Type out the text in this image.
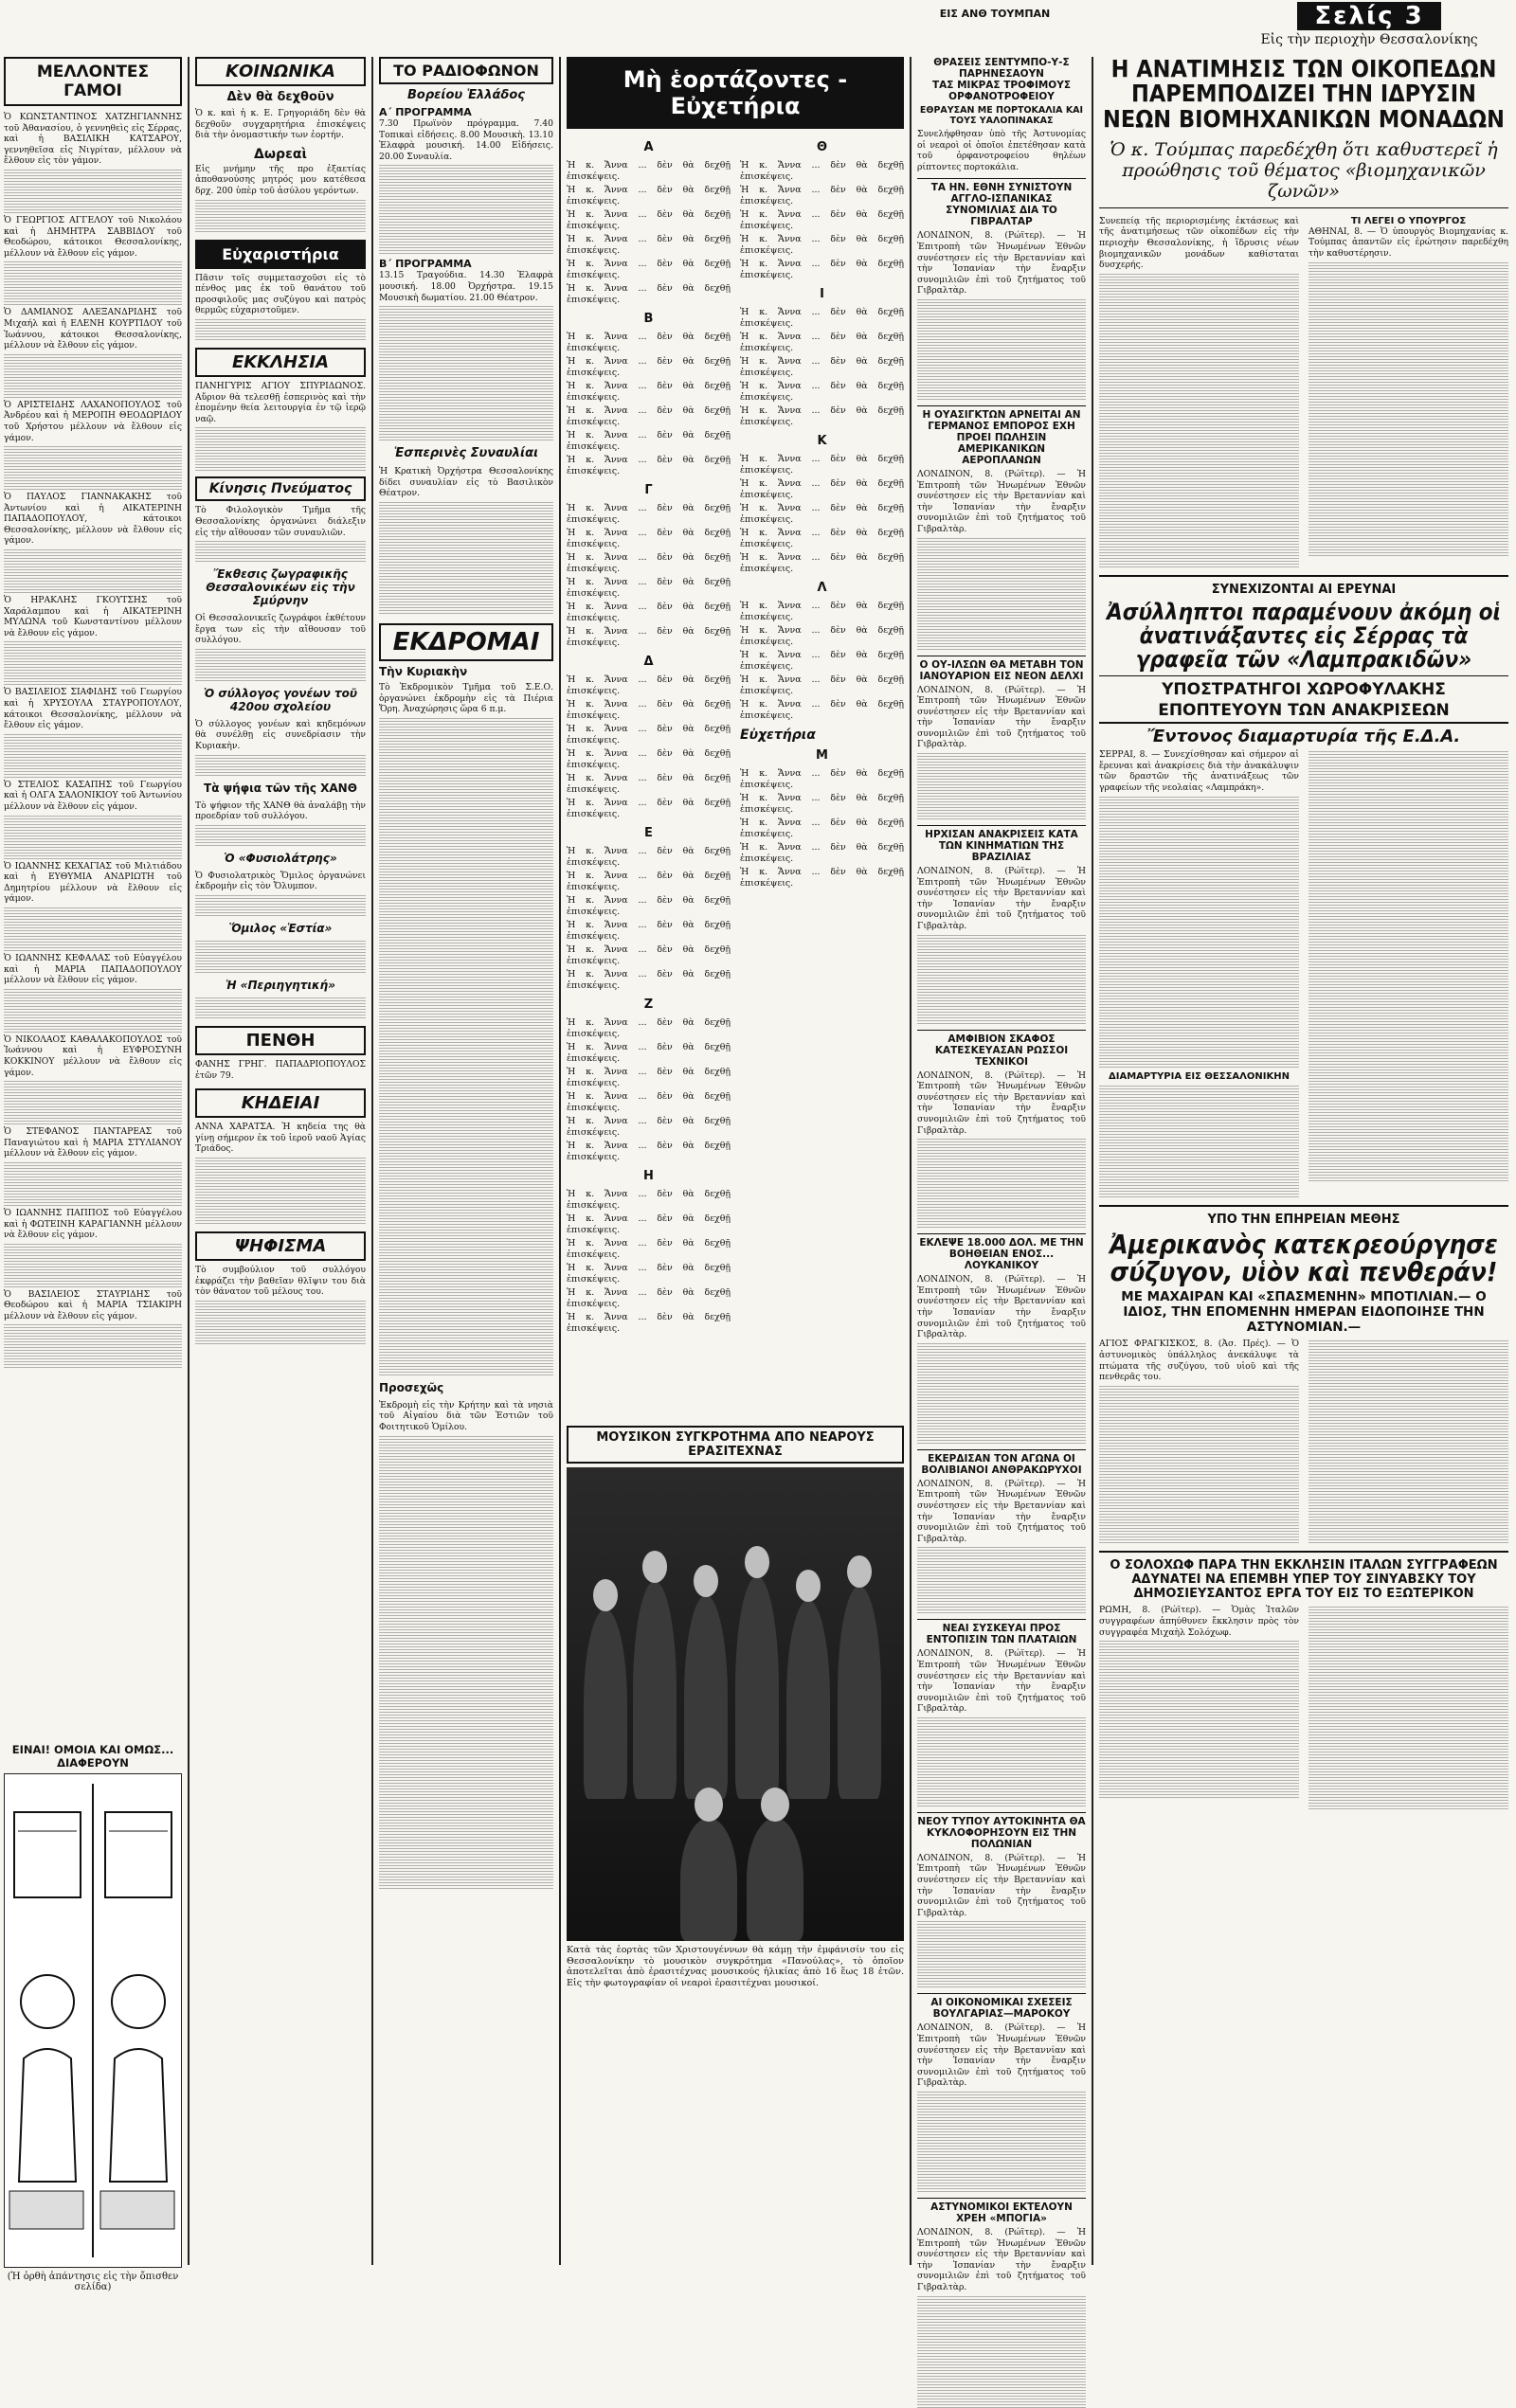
ΕΙΣ ΑΝΘ ΤΟΥΜΠΑΝ	Σελίς 3
Εἰς τὴν περιοχὴν Θεσσαλονίκης
ΜΕΛΛΟΝΤΕΣ ΓΑΜΟΙ

Ὁ ΚΩΝΣΤΑΝΤΙΝΟΣ ΧΑΤΖΗΓΙΑΝΝΗΣ τοῦ Ἀθανασίου, ὁ γεννηθεὶς εἰς Σέρρας, καὶ ἡ ΒΑΣΙΛΙΚΗ ΚΑΤΣΑΡΟΥ, γεννηθεῖσα εἰς Νιγρίταν, μέλλουν νὰ ἔλθουν εἰς τὸν γάμον.

Ὁ ΓΕΩΡΓΙΟΣ ΑΓΓΕΛΟΥ τοῦ Νικολάου καὶ ἡ ΔΗΜΗΤΡΑ ΣΑΒΒΙΔΟΥ τοῦ Θεοδώρου, κάτοικοι Θεσσαλονίκης, μέλλουν νὰ ἔλθουν εἰς γάμον.

Ὁ ΔΑΜΙΑΝΟΣ ΑΛΕΞΑΝΔΡΙΔΗΣ τοῦ Μιχαήλ καὶ ἡ ΕΛΕΝΗ ΚΟΥΡΤΙΔΟΥ τοῦ Ἰωάννου, κάτοικοι Θεσσαλονίκης, μέλλουν νὰ ἔλθουν εἰς γάμον.

Ὁ ΑΡΙΣΤΕΙΔΗΣ ΛΑΧΑΝΟΠΟΥΛΟΣ τοῦ Ἀνδρέου καὶ ἡ ΜΕΡΟΠΗ ΘΕΟΔΩΡΙΔΟΥ τοῦ Χρήστου μέλλουν νὰ ἔλθουν εἰς γάμον.

Ὁ ΠΑΥΛΟΣ ΓΙΑΝΝΑΚΑΚΗΣ τοῦ Ἀντωνίου καὶ ἡ ΑΙΚΑΤΕΡΙΝΗ ΠΑΠΑΔΟΠΟΥΛΟΥ, κάτοικοι Θεσσαλονίκης, μέλλουν νὰ ἔλθουν εἰς γάμον.

Ὁ ΗΡΑΚΛΗΣ ΓΚΟΥΤΣΗΣ τοῦ Χαράλαμπου καὶ ἡ ΑΙΚΑΤΕΡΙΝΗ ΜΥΛΩΝΑ τοῦ Κωνσταντίνου μέλλουν νὰ ἔλθουν εἰς γάμον.

Ὁ ΒΑΣΙΛΕΙΟΣ ΣΙΑΦΙΔΗΣ τοῦ Γεωργίου καὶ ἡ ΧΡΥΣΟΥΛΑ ΣΤΑΥΡΟΠΟΥΛΟΥ, κάτοικοι Θεσσαλονίκης, μέλλουν νὰ ἔλθουν εἰς γάμον.

Ὁ ΣΤΕΛΙΟΣ ΚΑΣΑΠΗΣ τοῦ Γεωργίου καὶ ἡ ΟΛΓΑ ΣΑΛΟΝΙΚΙΟΥ τοῦ Ἀντωνίου μέλλουν νὰ ἔλθουν εἰς γάμον.

Ὁ ΙΩΑΝΝΗΣ ΚΕΧΑΓΙΑΣ τοῦ Μιλτιάδου καὶ ἡ ΕΥΘΥΜΙΑ ΑΝΔΡΙΩΤΗ τοῦ Δημητρίου μέλλουν νὰ ἔλθουν εἰς γάμον.

Ὁ ΙΩΑΝΝΗΣ ΚΕΦΑΛΑΣ τοῦ Εὐαγγέλου καὶ ἡ ΜΑΡΙΑ ΠΑΠΑΔΟΠΟΥΛΟΥ μέλλουν νὰ ἔλθουν εἰς γάμον.

Ὁ ΝΙΚΟΛΑΟΣ ΚΑΘΑΛΑΚΟΠΟΥΛΟΣ τοῦ Ἰωάννου καὶ ἡ ΕΥΦΡΟΣΥΝΗ ΚΟΚΚΙΝΟΥ μέλλουν νὰ ἔλθουν εἰς γάμον.

Ὁ ΣΤΕΦΑΝΟΣ ΠΑΝΤΑΡΕΑΣ τοῦ Παναγιώτου καὶ ἡ ΜΑΡΙΑ ΣΤΥΛΙΑΝΟΥ μέλλουν νὰ ἔλθουν εἰς γάμον.

Ὁ ΙΩΑΝΝΗΣ ΠΑΠΠΟΣ τοῦ Εὐαγγέλου καὶ ἡ ΦΩΤΕΙΝΗ ΚΑΡΑΓΙΑΝΝΗ μέλλουν νὰ ἔλθουν εἰς γάμον.

Ὁ ΒΑΣΙΛΕΙΟΣ ΣΤΑΥΡΙΔΗΣ τοῦ Θεοδώρου καὶ ἡ ΜΑΡΙΑ ΤΣΙΑΚΙΡΗ μέλλουν νὰ ἔλθουν εἰς γάμον.

ΕΙΝΑΙ! ΟΜΟΙΑ ΚΑΙ ΟΜΩΣ... ΔΙΑΦΕΡΟΥΝ
(Ἡ ὀρθὴ ἀπάντησις εἰς τὴν ὄπισθεν σελίδα)
ΚΟΙΝΩΝΙΚΑ
Δὲν θὰ δεχθοῦν

Ὁ κ. καὶ ἡ κ. Ε. Γρηγοριάδη δὲν θὰ δεχθοῦν συγχαρητήρια ἐπισκέψεις διὰ τὴν ὀνομαστικήν των ἑορτήν.

Δωρεαὶ

Εἰς μνήμην τῆς προ ἐξαετίας ἀποθανούσης μητρός μου κατέθεσα δρχ. 200 ὑπὲρ τοῦ ἀσύλου γερόντων.

Εὐχαριστήρια

Πᾶσιν τοῖς συμμετασχοῦσι εἰς τὸ πένθος μας ἐκ τοῦ θανάτου τοῦ προσφιλοῦς μας συζύγου καὶ πατρὸς θερμῶς εὐχαριστοῦμεν.

ΕΚΚΛΗΣΙΑ

ΠΑΝΗΓΥΡΙΣ ΑΓΙΟΥ ΣΠΥΡΙΔΩΝΟΣ. Αὔριον θὰ τελεσθῇ ἑσπερινὸς καὶ τὴν ἑπομένην θεία λειτουργία ἐν τῷ ἱερῷ ναῷ.

Κίνησις Πνεύματος

Τὸ Φιλολογικὸν Τμῆμα τῆς Θεσσαλονίκης ὀργανώνει διάλεξιν εἰς τὴν αἴθουσαν τῶν συναυλιῶν.

Ἔκθεσις ζωγραφικῆς Θεσσαλονικέων εἰς τὴν Σμύρνην

Οἱ Θεσσαλονικεῖς ζωγράφοι ἐκθέτουν ἔργα των εἰς τὴν αἴθουσαν τοῦ συλλόγου.

Ὁ σύλλογος γονέων τοῦ 420ου σχολείου

Ὁ σύλλογος γονέων καὶ κηδεμόνων θὰ συνέλθῃ εἰς συνεδρίασιν τὴν Κυριακὴν.

Τὰ ψήφια τῶν τῆς ΧΑΝΘ

Τὸ ψήφιον τῆς ΧΑΝΘ θὰ ἀναλάβῃ τὴν προεδρίαν τοῦ συλλόγου.

Ὁ «Φυσιολάτρης»

Ὁ Φυσιολατρικὸς Ὅμιλος ὀργανώνει ἐκδρομὴν εἰς τὸν Ὄλυμπον.

Ὅμιλος «Ἑστία»
Ἡ «Περιηγητική»
ΠΕΝΘΗ

ΦΑΝΗΣ ΓΡΗΓ. ΠΑΠΑΔΡΙΟΠΟΥΛΟΣ ἐτῶν 79.

ΚΗΔΕΙΑΙ

ΑΝΝΑ ΧΑΡΑΤΣΑ. Ἡ κηδεία της θὰ γίνῃ σήμερον ἐκ τοῦ ἱεροῦ ναοῦ Ἁγίας Τριάδος.

ΨΗΦΙΣΜΑ

Τὸ συμβούλιον τοῦ συλλόγου ἐκφράζει τὴν βαθεῖαν θλῖψιν του διὰ τὸν θάνατον τοῦ μέλους του.

ΤΟ ΡΑΔΙΟΦΩΝΟΝ
Βορείου Ἑλλάδος
Α΄ ΠΡΟΓΡΑΜΜΑ

7.30 Πρωϊνὸν πρόγραμμα. 7.40 Τοπικαὶ εἰδήσεις. 8.00 Μουσικὴ. 13.10 Ἐλαφρὰ μουσική. 14.00 Εἰδήσεις. 20.00 Συναυλία.

Β΄ ΠΡΟΓΡΑΜΜΑ

13.15 Τραγούδια. 14.30 Ἐλαφρὰ μουσική. 18.00 Ὀρχήστρα. 19.15 Μουσικὴ δωματίου. 21.00 Θέατρον.

Ἑσπερινὲς Συναυλίαι

Ἡ Κρατικὴ Ὀρχήστρα Θεσσαλονίκης δίδει συναυλίαν εἰς τὸ Βασιλικὸν Θέατρον.

ΕΚΔΡΟΜΑΙ
Τὴν Κυριακὴν

Τὸ Ἐκδρομικὸν Τμῆμα τοῦ Σ.Ε.Ο. ὀργανώνει ἐκδρομὴν εἰς τὰ Πιέρια Ὄρη. Ἀναχώρησις ὥρα 6 π.μ.

Προσεχῶς

Ἐκδρομὴ εἰς τὴν Κρήτην καὶ τὰ νησιὰ τοῦ Αἰγαίου διὰ τῶν Ἑστιῶν τοῦ Φοιτητικοῦ Ὁμίλου.

Μὴ ἑορτάζοντες - Εὐχετήρια
Α

Ἡ κ. Ἄννα ... δὲν θὰ δεχθῇ ἐπισκέψεις.

Ἡ κ. Ἄννα ... δὲν θὰ δεχθῇ ἐπισκέψεις.

Ἡ κ. Ἄννα ... δὲν θὰ δεχθῇ ἐπισκέψεις.

Ἡ κ. Ἄννα ... δὲν θὰ δεχθῇ ἐπισκέψεις.

Ἡ κ. Ἄννα ... δὲν θὰ δεχθῇ ἐπισκέψεις.

Ἡ κ. Ἄννα ... δὲν θὰ δεχθῇ ἐπισκέψεις.

Β

Ἡ κ. Ἄννα ... δὲν θὰ δεχθῇ ἐπισκέψεις.

Ἡ κ. Ἄννα ... δὲν θὰ δεχθῇ ἐπισκέψεις.

Ἡ κ. Ἄννα ... δὲν θὰ δεχθῇ ἐπισκέψεις.

Ἡ κ. Ἄννα ... δὲν θὰ δεχθῇ ἐπισκέψεις.

Ἡ κ. Ἄννα ... δὲν θὰ δεχθῇ ἐπισκέψεις.

Ἡ κ. Ἄννα ... δὲν θὰ δεχθῇ ἐπισκέψεις.

Γ

Ἡ κ. Ἄννα ... δὲν θὰ δεχθῇ ἐπισκέψεις.

Ἡ κ. Ἄννα ... δὲν θὰ δεχθῇ ἐπισκέψεις.

Ἡ κ. Ἄννα ... δὲν θὰ δεχθῇ ἐπισκέψεις.

Ἡ κ. Ἄννα ... δὲν θὰ δεχθῇ ἐπισκέψεις.

Ἡ κ. Ἄννα ... δὲν θὰ δεχθῇ ἐπισκέψεις.

Ἡ κ. Ἄννα ... δὲν θὰ δεχθῇ ἐπισκέψεις.

Δ

Ἡ κ. Ἄννα ... δὲν θὰ δεχθῇ ἐπισκέψεις.

Ἡ κ. Ἄννα ... δὲν θὰ δεχθῇ ἐπισκέψεις.

Ἡ κ. Ἄννα ... δὲν θὰ δεχθῇ ἐπισκέψεις.

Ἡ κ. Ἄννα ... δὲν θὰ δεχθῇ ἐπισκέψεις.

Ἡ κ. Ἄννα ... δὲν θὰ δεχθῇ ἐπισκέψεις.

Ἡ κ. Ἄννα ... δὲν θὰ δεχθῇ ἐπισκέψεις.

Ε

Ἡ κ. Ἄννα ... δὲν θὰ δεχθῇ ἐπισκέψεις.

Ἡ κ. Ἄννα ... δὲν θὰ δεχθῇ ἐπισκέψεις.

Ἡ κ. Ἄννα ... δὲν θὰ δεχθῇ ἐπισκέψεις.

Ἡ κ. Ἄννα ... δὲν θὰ δεχθῇ ἐπισκέψεις.

Ἡ κ. Ἄννα ... δὲν θὰ δεχθῇ ἐπισκέψεις.

Ἡ κ. Ἄννα ... δὲν θὰ δεχθῇ ἐπισκέψεις.

Ζ

Ἡ κ. Ἄννα ... δὲν θὰ δεχθῇ ἐπισκέψεις.

Ἡ κ. Ἄννα ... δὲν θὰ δεχθῇ ἐπισκέψεις.

Ἡ κ. Ἄννα ... δὲν θὰ δεχθῇ ἐπισκέψεις.

Ἡ κ. Ἄννα ... δὲν θὰ δεχθῇ ἐπισκέψεις.

Ἡ κ. Ἄννα ... δὲν θὰ δεχθῇ ἐπισκέψεις.

Ἡ κ. Ἄννα ... δὲν θὰ δεχθῇ ἐπισκέψεις.

Η

Ἡ κ. Ἄννα ... δὲν θὰ δεχθῇ ἐπισκέψεις.

Ἡ κ. Ἄννα ... δὲν θὰ δεχθῇ ἐπισκέψεις.

Ἡ κ. Ἄννα ... δὲν θὰ δεχθῇ ἐπισκέψεις.

Ἡ κ. Ἄννα ... δὲν θὰ δεχθῇ ἐπισκέψεις.

Ἡ κ. Ἄννα ... δὲν θὰ δεχθῇ ἐπισκέψεις.

Ἡ κ. Ἄννα ... δὲν θὰ δεχθῇ ἐπισκέψεις.

Θ

Ἡ κ. Ἄννα ... δὲν θὰ δεχθῇ ἐπισκέψεις.

Ἡ κ. Ἄννα ... δὲν θὰ δεχθῇ ἐπισκέψεις.

Ἡ κ. Ἄννα ... δὲν θὰ δεχθῇ ἐπισκέψεις.

Ἡ κ. Ἄννα ... δὲν θὰ δεχθῇ ἐπισκέψεις.

Ἡ κ. Ἄννα ... δὲν θὰ δεχθῇ ἐπισκέψεις.

Ι

Ἡ κ. Ἄννα ... δὲν θὰ δεχθῇ ἐπισκέψεις.

Ἡ κ. Ἄννα ... δὲν θὰ δεχθῇ ἐπισκέψεις.

Ἡ κ. Ἄννα ... δὲν θὰ δεχθῇ ἐπισκέψεις.

Ἡ κ. Ἄννα ... δὲν θὰ δεχθῇ ἐπισκέψεις.

Ἡ κ. Ἄννα ... δὲν θὰ δεχθῇ ἐπισκέψεις.

Κ

Ἡ κ. Ἄννα ... δὲν θὰ δεχθῇ ἐπισκέψεις.

Ἡ κ. Ἄννα ... δὲν θὰ δεχθῇ ἐπισκέψεις.

Ἡ κ. Ἄννα ... δὲν θὰ δεχθῇ ἐπισκέψεις.

Ἡ κ. Ἄννα ... δὲν θὰ δεχθῇ ἐπισκέψεις.

Ἡ κ. Ἄννα ... δὲν θὰ δεχθῇ ἐπισκέψεις.

Λ

Ἡ κ. Ἄννα ... δὲν θὰ δεχθῇ ἐπισκέψεις.

Ἡ κ. Ἄννα ... δὲν θὰ δεχθῇ ἐπισκέψεις.

Ἡ κ. Ἄννα ... δὲν θὰ δεχθῇ ἐπισκέψεις.

Ἡ κ. Ἄννα ... δὲν θὰ δεχθῇ ἐπισκέψεις.

Ἡ κ. Ἄννα ... δὲν θὰ δεχθῇ ἐπισκέψεις.

Εὐχετήρια
Μ

Ἡ κ. Ἄννα ... δὲν θὰ δεχθῇ ἐπισκέψεις.

Ἡ κ. Ἄννα ... δὲν θὰ δεχθῇ ἐπισκέψεις.

Ἡ κ. Ἄννα ... δὲν θὰ δεχθῇ ἐπισκέψεις.

Ἡ κ. Ἄννα ... δὲν θὰ δεχθῇ ἐπισκέψεις.

Ἡ κ. Ἄννα ... δὲν θὰ δεχθῇ ἐπισκέψεις.

ΜΟΥΣΙΚΟΝ ΣΥΓΚΡΟΤΗΜΑ ΑΠΟ ΝΕΑΡΟΥΣ ΕΡΑΣΙΤΕΧΝΑΣ

Κατὰ τὰς ἑορτὰς τῶν Χριστουγέννων θὰ κάμῃ τὴν ἐμφάνισίν του εἰς Θεσσαλονίκην τὸ μουσικὸν συγκρότημα «Πανούλας», τὸ ὁποῖον ἀποτελεῖται ἀπὸ ἐρασιτέχνας μουσικούς ἡλικίας ἀπὸ 16 ἕως 18 ἐτῶν. Εἰς τὴν φωτογραφίαν οἱ νεαροὶ ἐρασιτέχναι μουσικοί.

ΘΡΑΣΕΙΣ ΣΕΝΤΥΜΠΟ-Υ-Σ ΠΑΡΗΝΕΣΑΟΥΝ
ΤΑΣ ΜΙΚΡΑΣ ΤΡΟΦΙΜΟΥΣ ΟΡΦΑΝΟΤΡΟΦΕΙΟΥ
ΕΘΡΑΥΣΑΝ ΜΕ ΠΟΡΤΟΚΑΛΙΑ ΚΑΙ ΤΟΥΣ ΥΑΛΟΠΙΝΑΚΑΣ

Συνελήφθησαν ὑπὸ τῆς Ἀστυνομίας οἱ νεαροὶ οἱ ὁποῖοι ἐπετέθησαν κατὰ τοῦ ὀρφανοτροφείου θηλέων ρίπτοντες πορτοκάλια.

ΤΑ ΗΝ. ΕΘΝΗ ΣΥΝΙΣΤΟΥΝ ΑΓΓΛΟ-ΙΣΠΑΝΙΚΑΣ ΣΥΝΟΜΙΛΙΑΣ ΔΙΑ ΤΟ ΓΙΒΡΑΛΤΑΡ

ΛΟΝΔΙΝΟΝ, 8. (Ρώϊτερ). — Ἡ Ἐπιτροπὴ τῶν Ἡνωμένων Ἐθνῶν συνέστησεν εἰς τὴν Βρεταννίαν καὶ τὴν Ἱσπανίαν τὴν ἔναρξιν συνομιλιῶν ἐπὶ τοῦ ζητήματος τοῦ Γιβραλτὰρ.

Η ΟΥΑΣΙΓΚΤΩΝ ΑΡΝΕΙΤΑΙ ΑΝ ΓΕΡΜΑΝΟΣ ΕΜΠΟΡΟΣ ΕΧΗ ΠΡΟΕΙ ΠΩΛΗΣΙΝ ΑΜΕΡΙΚΑΝΙΚΩΝ ΑΕΡΟΠΛΑΝΩΝ

ΛΟΝΔΙΝΟΝ, 8. (Ρώϊτερ). — Ἡ Ἐπιτροπὴ τῶν Ἡνωμένων Ἐθνῶν συνέστησεν εἰς τὴν Βρεταννίαν καὶ τὴν Ἱσπανίαν τὴν ἔναρξιν συνομιλιῶν ἐπὶ τοῦ ζητήματος τοῦ Γιβραλτὰρ.

Ο ΟΥ-ΙΛΣΩΝ ΘΑ ΜΕΤΑΒΗ ΤΟΝ ΙΑΝΟΥΑΡΙΟΝ ΕΙΣ ΝΕΟΝ ΔΕΛΧΙ

ΛΟΝΔΙΝΟΝ, 8. (Ρώϊτερ). — Ἡ Ἐπιτροπὴ τῶν Ἡνωμένων Ἐθνῶν συνέστησεν εἰς τὴν Βρεταννίαν καὶ τὴν Ἱσπανίαν τὴν ἔναρξιν συνομιλιῶν ἐπὶ τοῦ ζητήματος τοῦ Γιβραλτὰρ.

ΗΡΧΙΣΑΝ ΑΝΑΚΡΙΣΕΙΣ ΚΑΤΑ ΤΩΝ ΚΙΝΗΜΑΤΙΩΝ ΤΗΣ ΒΡΑΖΙΛΙΑΣ

ΛΟΝΔΙΝΟΝ, 8. (Ρώϊτερ). — Ἡ Ἐπιτροπὴ τῶν Ἡνωμένων Ἐθνῶν συνέστησεν εἰς τὴν Βρεταννίαν καὶ τὴν Ἱσπανίαν τὴν ἔναρξιν συνομιλιῶν ἐπὶ τοῦ ζητήματος τοῦ Γιβραλτὰρ.

ΑΜΦΙΒΙΟΝ ΣΚΑΦΟΣ ΚΑΤΕΣΚΕΥΑΣΑΝ ΡΩΣΣΟΙ ΤΕΧΝΙΚΟΙ

ΛΟΝΔΙΝΟΝ, 8. (Ρώϊτερ). — Ἡ Ἐπιτροπὴ τῶν Ἡνωμένων Ἐθνῶν συνέστησεν εἰς τὴν Βρεταννίαν καὶ τὴν Ἱσπανίαν τὴν ἔναρξιν συνομιλιῶν ἐπὶ τοῦ ζητήματος τοῦ Γιβραλτὰρ.

ΕΚΛΕΨΕ 18.000 ΔΟΛ. ΜΕ ΤΗΝ ΒΟΗΘΕΙΑΝ ΕΝΟΣ... ΛΟΥΚΑΝΙΚΟΥ

ΛΟΝΔΙΝΟΝ, 8. (Ρώϊτερ). — Ἡ Ἐπιτροπὴ τῶν Ἡνωμένων Ἐθνῶν συνέστησεν εἰς τὴν Βρεταννίαν καὶ τὴν Ἱσπανίαν τὴν ἔναρξιν συνομιλιῶν ἐπὶ τοῦ ζητήματος τοῦ Γιβραλτὰρ.

ΕΚΕΡΔΙΣΑΝ ΤΟΝ ΑΓΩΝΑ ΟΙ ΒΟΛΙΒΙΑΝΟΙ ΑΝΘΡΑΚΩΡΥΧΟΙ

ΛΟΝΔΙΝΟΝ, 8. (Ρώϊτερ). — Ἡ Ἐπιτροπὴ τῶν Ἡνωμένων Ἐθνῶν συνέστησεν εἰς τὴν Βρεταννίαν καὶ τὴν Ἱσπανίαν τὴν ἔναρξιν συνομιλιῶν ἐπὶ τοῦ ζητήματος τοῦ Γιβραλτὰρ.

ΝΕΑΙ ΣΥΣΚΕΥΑΙ ΠΡΟΣ ΕΝΤΟΠΙΣΙΝ ΤΩΝ ΠΛΑΤΑΙΩΝ

ΛΟΝΔΙΝΟΝ, 8. (Ρώϊτερ). — Ἡ Ἐπιτροπὴ τῶν Ἡνωμένων Ἐθνῶν συνέστησεν εἰς τὴν Βρεταννίαν καὶ τὴν Ἱσπανίαν τὴν ἔναρξιν συνομιλιῶν ἐπὶ τοῦ ζητήματος τοῦ Γιβραλτὰρ.

ΝΕΟΥ ΤΥΠΟΥ ΑΥΤΟΚΙΝΗΤΑ ΘΑ ΚΥΚΛΟΦΟΡΗΣΟΥΝ ΕΙΣ ΤΗΝ ΠΟΛΩΝΙΑΝ

ΛΟΝΔΙΝΟΝ, 8. (Ρώϊτερ). — Ἡ Ἐπιτροπὴ τῶν Ἡνωμένων Ἐθνῶν συνέστησεν εἰς τὴν Βρεταννίαν καὶ τὴν Ἱσπανίαν τὴν ἔναρξιν συνομιλιῶν ἐπὶ τοῦ ζητήματος τοῦ Γιβραλτὰρ.

ΑΙ ΟΙΚΟΝΟΜΙΚΑΙ ΣΧΕΣΕΙΣ ΒΟΥΛΓΑΡΙΑΣ—ΜΑΡΟΚΟΥ

ΛΟΝΔΙΝΟΝ, 8. (Ρώϊτερ). — Ἡ Ἐπιτροπὴ τῶν Ἡνωμένων Ἐθνῶν συνέστησεν εἰς τὴν Βρεταννίαν καὶ τὴν Ἱσπανίαν τὴν ἔναρξιν συνομιλιῶν ἐπὶ τοῦ ζητήματος τοῦ Γιβραλτὰρ.

ΑΣΤΥΝΟΜΙΚΟΙ ΕΚΤΕΛΟΥΝ ΧΡΕΗ «ΜΠΟΓΙΑ»

ΛΟΝΔΙΝΟΝ, 8. (Ρώϊτερ). — Ἡ Ἐπιτροπὴ τῶν Ἡνωμένων Ἐθνῶν συνέστησεν εἰς τὴν Βρεταννίαν καὶ τὴν Ἱσπανίαν τὴν ἔναρξιν συνομιλιῶν ἐπὶ τοῦ ζητήματος τοῦ Γιβραλτὰρ.

Η ΑΝΑΤΙΜΗΣΙΣ ΤΩΝ ΟΙΚΟΠΕΔΩΝ ΠΑΡΕΜΠΟΔΙΖΕΙ ΤΗΝ ΙΔΡΥΣΙΝ ΝΕΩΝ ΒΙΟΜΗΧΑΝΙΚΩΝ ΜΟΝΑΔΩΝ
Ὁ κ. Τούμπας παρεδέχθη ὅτι καθυστερεῖ ἡ προώθησις τοῦ θέματος «βιομηχανικῶν ζωνῶν»

Συνεπείᾳ τῆς περιορισμένης ἐκτάσεως καὶ τῆς ἀνατιμήσεως τῶν οἰκοπέδων εἰς τὴν περιοχὴν Θεσσαλονίκης, ἡ ἵδρυσις νέων βιομηχανικῶν μονάδων καθίσταται δυσχερής.

ΤΙ ΛΕΓΕΙ Ο ΥΠΟΥΡΓΟΣ

ΑΘΗΝΑΙ, 8. — Ὁ ὑπουργὸς Βιομηχανίας κ. Τούμπας ἀπαντῶν εἰς ἐρώτησιν παρεδέχθη τὴν καθυστέρησιν.

ΣΥΝΕΧΙΖΟΝΤΑΙ ΑΙ ΕΡΕΥΝΑΙ
Ἀσύλληπτοι παραμένουν ἀκόμη οἱ ἀνατινάξαντες εἰς Σέρρας τὰ γραφεῖα τῶν «Λαμπρακιδῶν»
ΥΠΟΣΤΡΑΤΗΓΟΙ ΧΩΡΟΦΥΛΑΚΗΣ
ΕΠΟΠΤΕΥΟΥΝ ΤΩΝ ΑΝΑΚΡΙΣΕΩΝ
Ἔντονος διαμαρτυρία τῆς Ε.Δ.Α.

ΣΕΡΡΑΙ, 8. — Συνεχίσθησαν καὶ σήμερον αἱ ἔρευναι καὶ ἀνακρίσεις διὰ τὴν ἀνακάλυψιν τῶν δραστῶν τῆς ἀνατινάξεως τῶν γραφείων τῆς νεολαίας «Λαμπράκη».

ΔΙΑΜΑΡΤΥΡΙΑ ΕΙΣ ΘΕΣΣΑΛΟΝΙΚΗΝ
ΥΠΟ ΤΗΝ ΕΠΗΡΕΙΑΝ ΜΕΘΗΣ
Ἀμερικανὸς κατεκρεούργησε σύζυγον, υἱὸν καὶ πενθεράν!
ΜΕ ΜΑΧΑΙΡΑΝ ΚΑΙ «ΣΠΑΣΜΕΝΗΝ» ΜΠΟΤΙΛΙΑΝ.— Ο ΙΔΙΟΣ, ΤΗΝ ΕΠΟΜΕΝΗΝ ΗΜΕΡΑΝ ΕΙΔΟΠΟΙΗΣΕ ΤΗΝ ΑΣΤΥΝΟΜΙΑΝ.—

ΑΓΙΟΣ ΦΡΑΓΚΙΣΚΟΣ, 8. (Ἀσ. Πρές). — Ὁ ἀστυνομικὸς ὑπάλληλος ἀνεκάλυψε τὰ πτώματα τῆς συζύγου, τοῦ υἱοῦ καὶ τῆς πενθερᾶς του.

Ο ΣΟΛΟΧΩΦ ΠΑΡΑ ΤΗΝ ΕΚΚΛΗΣΙΝ ΙΤΑΛΩΝ ΣΥΓΓΡΑΦΕΩΝ ΑΔΥΝΑΤΕΙ ΝΑ ΕΠΕΜΒΗ ΥΠΕΡ ΤΟΥ ΣΙΝΥΑΒΣΚΥ ΤΟΥ ΔΗΜΟΣΙΕΥΣΑΝΤΟΣ ΕΡΓΑ ΤΟΥ ΕΙΣ ΤΟ ΕΞΩΤΕΡΙΚΟΝ

ΡΩΜΗ, 8. (Ρώϊτερ). — Ὁμὰς Ἰταλῶν συγγραφέων ἀπηύθυνεν ἔκκλησιν πρὸς τὸν συγγραφέα Μιχαὴλ Σολόχωφ.
